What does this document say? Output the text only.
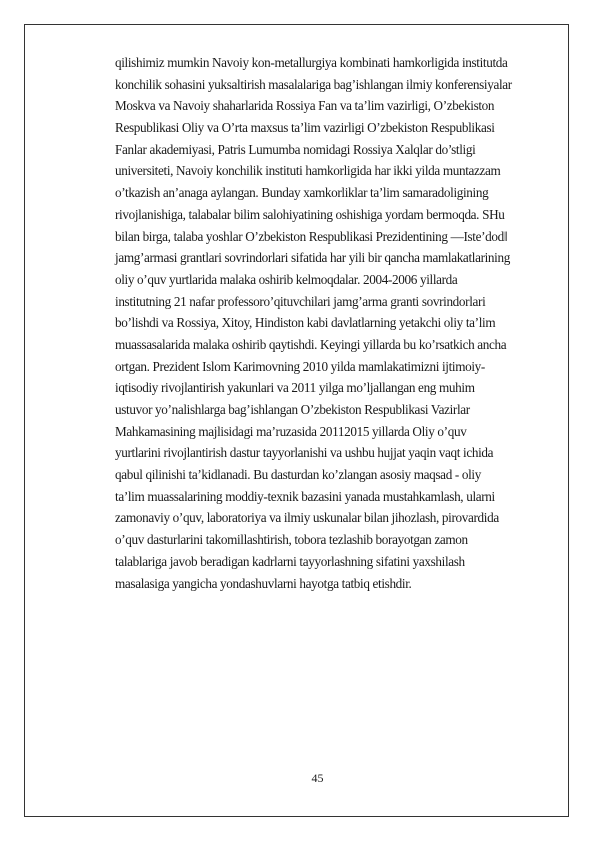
qilishimiz mumkin Navoiy kon-metallurgiya kombinati hamkorligida institutda
konchilik sohasini yuksaltirish masalalariga bag’ishlangan ilmiy konferensiyalar
Moskva va Navoiy shaharlarida Rossiya Fan va ta’lim vazirligi, O’zbekiston
Respublikasi Oliy va O’rta maxsus ta’lim vazirligi O’zbekiston Respublikasi
Fanlar akademiyasi, Patris Lumumba nomidagi Rossiya Xalqlar do’stligi
universiteti, Navoiy konchilik instituti hamkorligida har ikki yilda muntazzam
o’tkazish an’anaga aylangan. Bunday xamkorliklar ta’lim samaradoligining
rivojlanishiga, talabalar bilim salohiyatining oshishiga yordam bermoqda. SHu
bilan birga, talaba yoshlar O’zbekiston Respublikasi Prezidentining ―Iste’dod‖
jamg’armasi grantlari sovrindorlari sifatida har yili bir qancha mamlakatlarining
oliy o’quv yurtlarida malaka oshirib kelmoqdalar. 2004-2006 yillarda
institutning 21 nafar professoro’qituvchilari jamg’arma granti sovrindorlari
bo’lishdi va Rossiya, Xitoy, Hindiston kabi davlatlarning yetakchi oliy ta’lim
muassasalarida malaka oshirib qaytishdi. Keyingi yillarda bu ko’rsatkich ancha
ortgan. Prezident Islom Karimovning 2010 yilda mamlakatimizni ijtimoiy-
iqtisodiy rivojlantirish yakunlari va 2011 yilga mo’ljallangan eng muhim
ustuvor yo’nalishlarga bag’ishlangan O’zbekiston Respublikasi Vazirlar
Mahkamasining majlisidagi ma’ruzasida 20112015 yillarda Oliy o’quv
yurtlarini rivojlantirish dastur tayyorlanishi va ushbu hujjat yaqin vaqt ichida
qabul qilinishi ta’kidlanadi. Bu dasturdan ko’zlangan asosiy maqsad - oliy
ta’lim muassalarining moddiy-texnik bazasini yanada mustahkamlash, ularni
zamonaviy o’quv, laboratoriya va ilmiy uskunalar bilan jihozlash, pirovardida
o’quv dasturlarini takomillashtirish, tobora tezlashib borayotgan zamon
talablariga javob beradigan kadrlarni tayyorlashning sifatini yaxshilash
masalasiga yangicha yondashuvlarni hayotga tatbiq etishdir.
45
